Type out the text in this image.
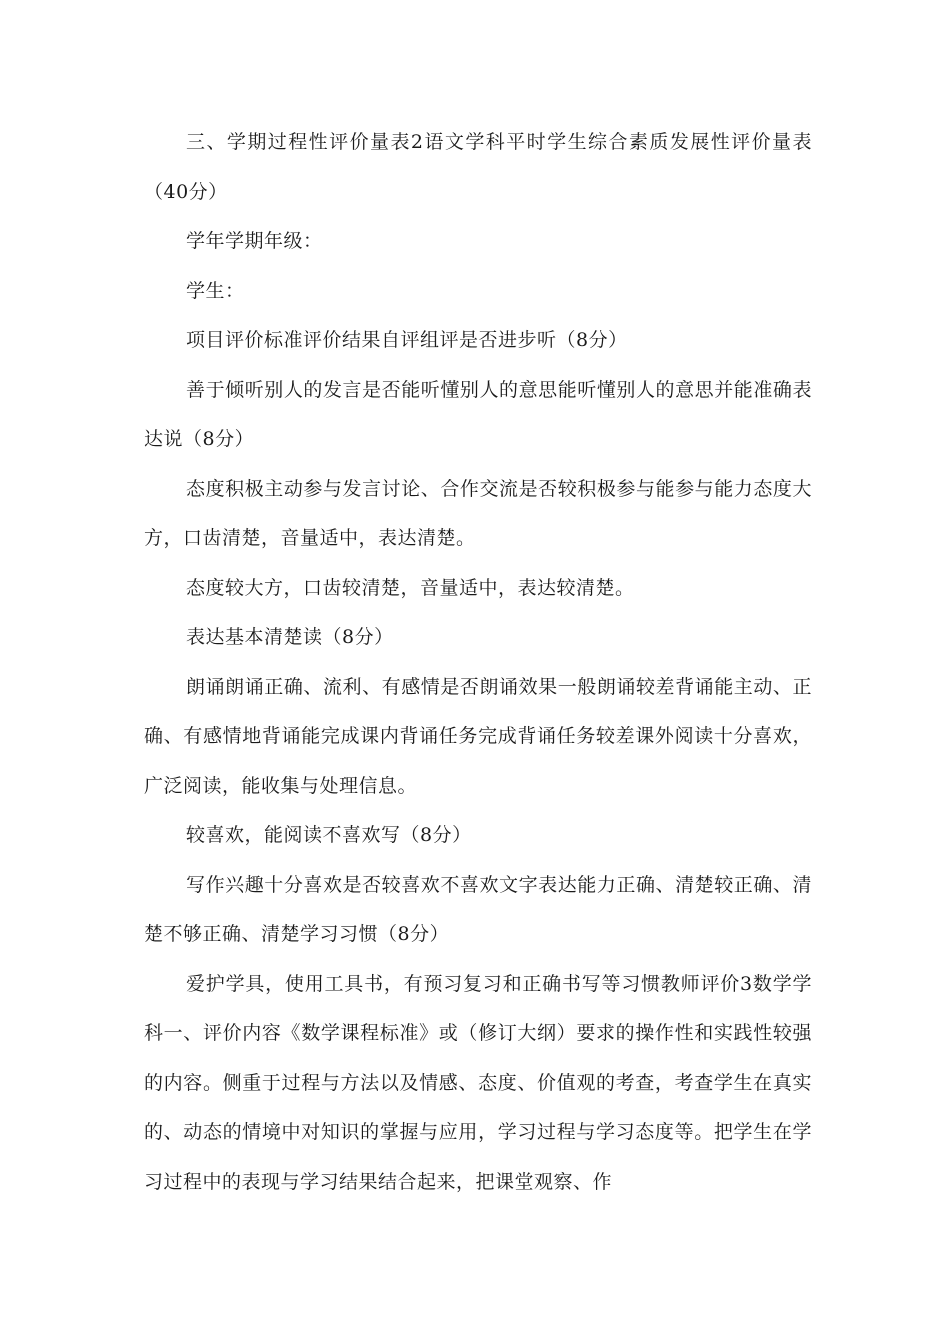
三、学期过程性评价量表2语文学科平时学生综合素质发展性评价量表（40分）

学年学期年级：

学生：

项目评价标准评价结果自评组评是否进步听（8分）

善于倾听别人的发言是否能听懂别人的意思能听懂别人的意思并能准确表达说（8分）

态度积极主动参与发言讨论、合作交流是否较积极参与能参与能力态度大方，口齿清楚，音量适中，表达清楚。

态度较大方，口齿较清楚，音量适中，表达较清楚。

表达基本清楚读（8分）

朗诵朗诵正确、流利、有感情是否朗诵效果一般朗诵较差背诵能主动、正确、有感情地背诵能完成课内背诵任务完成背诵任务较差课外阅读十分喜欢，广泛阅读，能收集与处理信息。

较喜欢，能阅读不喜欢写（8分）

写作兴趣十分喜欢是否较喜欢不喜欢文字表达能力正确、清楚较正确、清楚不够正确、清楚学习习惯（8分）

爱护学具，使用工具书，有预习复习和正确书写等习惯教师评价3数学学科一、评价内容《数学课程标准》或（修订大纲）要求的操作性和实践性较强的内容。侧重于过程与方法以及情感、态度、价值观的考查，考查学生在真实的、动态的情境中对知识的掌握与应用，学习过程与学习态度等。把学生在学习过程中的表现与学习结果结合起来，把课堂观察、作
